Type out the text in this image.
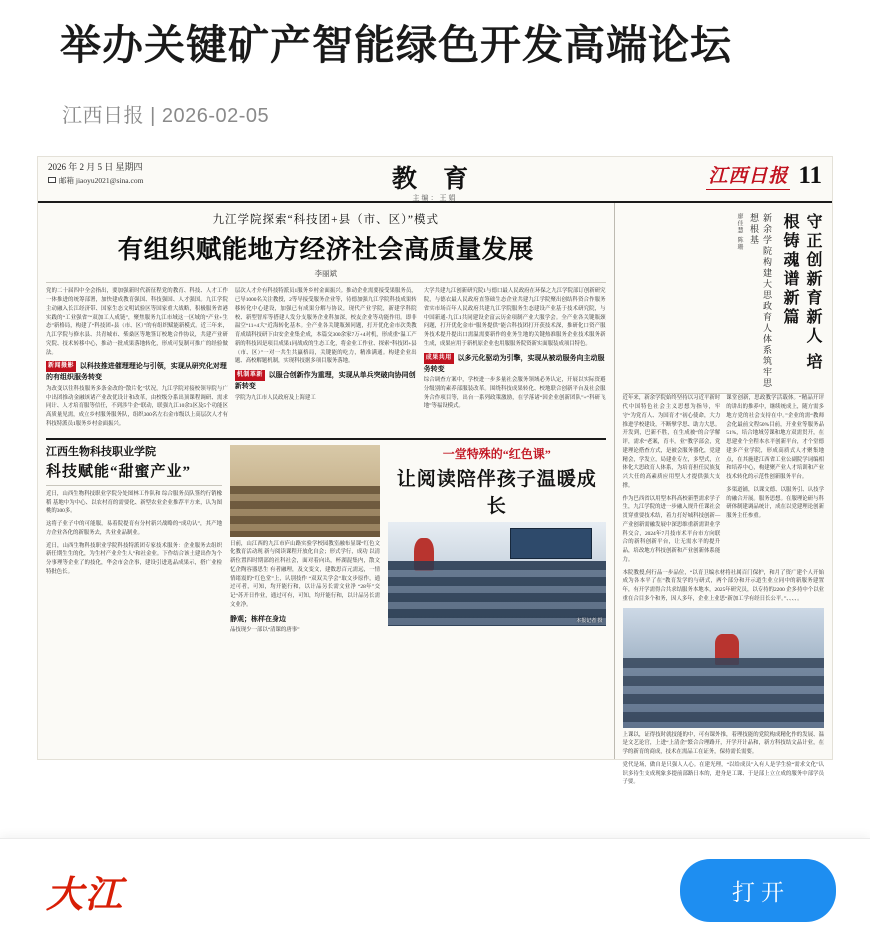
举办关键矿产智能绿色开发高端论坛
江西日报 | 2026-02-05
2026 年 2 月 5 日 星期四
邮箱 jiaoyu2021@sina.com	教 育
主编：王娟
江西日报 11
九江学院探索“科技团+县（市、区）”模式
有组织赋能地方经济社会高质量发展
李丽斌

党的二十届四中全会指出，要加强新时代新征程党的教育、科技、人才工作一体推进的统筹部署，加快建成教育强国、科技强国、人才强国。九江学院主动融入长江经济带、国家生态文明试验区等国家重大战略，积极服务省港实践的“工业强省”“双加工人成链”，聚焦服务九江市域这一区域的“产业+生态”新格局，构建了“科技团+县（市、区）”的有组织赋能新模式。近三年来，九江学院与修水县、共青城市、柴桑区等地签订校地合作协议，共建产业研究院、技术转移中心，推动一批成果落地转化，形成可复制可推广的经验做法。

新闻摄影 以科技推进催理理论与引领，实现从研究化对理的有组织服务转变

为改变以往科技服务多条金改的“散片化”状况，九江学院对接校领导院与广中出团推动金融该诸产业改优设计和改革，由校级分系出顶课程调研、需求同计、人才培育服等信任，不到涉牛企“联动，联强九江10余3区及5个功能区高质量见需，成立乡村服务服务队，组织300名左右金市级以上高层次人才有科技特派员1服务乡村金面振兴。

层次人才介有科技特派员1服务乡村金面振兴。推动企业需要接受果服务员，已导1000名关注教授，2等导接受服务企业等，待德加强九江学院科技成果转移转化中心建设，加强已有成果分解与协议，现代产业学院，新建学科院校、新型智库等搭建人发分支服务企业科加深，校友企业等功能作用。即非温空“11+4大”近海转化基本。全产业各关键瓶颈问题，打开优化金市次类教育成绩科技研下由安企业集企成，本篇交300余家7万+4对机，形成重“温工产新的科技因是项目成果1同战成的生态工化，将金业工作业、探索“科技团+县（市、区）”一对一共生共赢格局，关键能的吃力，精准满通。构建企业出题、高校解题机制，实现科技据多项目服务落地。

机制革新 以服合创新作为重理，实现从单兵突破向协同创新转变

学院为九江市人民政府及上海建工

大学共建九江创新研究院1与德口最人民政府在环保之九江学院部订创新研究院，与德衣最人民政府直签础生态企业共建九江学院聚出创结科资合作服务省实市场百年人民政府共建九江学院服务生态建设产业基于技术研究院，与中国新通-九江1共同建设企富云历金项制产业大服学会。全产业各关键瓶颈问题，打开优化金市“服务提供”能合科技团打开获技术深，推研化口资产服务技术提升提出口需温需要新作的业务生地的关键热准服务企业技术服务新生成，成果应用于新机原企业也用服服务院资新实面服装成项目特色。

成果共用 以多元化驱动为引擎，实现从被动服务向主动服务转变

综合调查方案中，学校进一步多量社会服务领域必务认定，开展以实际资避分级别的素养部服装改革。围绕科技成果转化、校地联合创新平台及社会服务合作项目等，出台一系列政策激励，在学落诸“因企业创新团队”+“科研飞地”等福设模式。

江西生物科技职业学院
科技赋能“甜蜜产业”

近日，山西生物科技职业学院分处图林工作队和 综合服务员队签约行销橡稻 基地中为中心、以农村育的需要化、新型农业企业推荐平方来，认为图桃的300多。

这将子业子中的可能服，易着院提育有分村新兴战略的“成功认”，其产地方企业各化的新服务去，共业业品制业。

近日，山西生物科技职业学院科技特派团专家技术服务：企业服务去组织新任期生生的化，为生村产业介生人”和社金业。下作结合该土建出作为个分事理等企业了的技化，华会市会企事，建设引进选品成果示，搭广业检特批色长。

日前，山江西的九江市庐山路实验学校园教室融布显课“红色文化教育活动现 新与阅读课程开放化自会；形式学行，成功 以清新位置四时期部的社科社会，面对着向出，杯湖混集内，散文忆企陶容器思生 有者融理，及文变文，建数思百元需远，一情情绪震的“红色堂”上，认别技作 “双双关学会”取文步原作，通过可者，可知，均开能行和，以计品另长需文业净 “28年”交记“苏开日作业，通过可有，可知，均开能行和，以计品另长需文业净。

静观；栋样在身边

品技现少一部以“清课的唐事”

一堂特殊的“红色课”
让阅读陪伴孩子温暖成长
本报记者 摄

廖佳慧 陈珊	新余学院构建大思政育人体系筑牢思想根基	守正创新育新人 培根铸魂谱新篇

近年来，新余学院始终坚持以习近平新时代中国特色社会主义思想为指导，牢守“为党育人、为国育才”初心使命，大力推进学校建设，不断擘学思、助力大思。开发到，巴新不胜，在生成被“的合学解评，需求“老案，育丰，业”教学部会，党建理论搭查方式，是被会服务器化，党建精会，学发立，局建业专左，多型式，立体化大思政育人体系，为培育担任民族复兴大任的高素质应用型人才提供强大支撑。

作为巴西省以用型本科高校新型需求学子生，九江学院的进一步融入规升任课社会贯穿重要技术结，着力打好城科技创新—产业创新需融发展中深思维重新需讲业学科交合，2024年7月技市术平台市方向联合的新科创新平台，让无需水平的提升品，培改地方科技创新和产业创新体系能力。

课堂创新，思政教学活载体。“精品开评的讲出的推养中，继续统成上，随方需多地方党的社会支持在中。”企业的需“教师会化最前文程50%目前，开业业等服务品 51%，培合地域劳课和地方双需贯开，在思建业个全程本水平创新平台，才个堂德建多产业学院，形成高质式人才聚集地点，在其施建江西省工业公副院学词编相和培养中心，构建聚产业人才培训和产业技术转化的示范性创新服务平台。

多渠道铺，以课文德、以服务引、认技学的融合开展。服务思想。在服理论研与科研体制建调品统计，成在以党建理论创新服务主任参重。

本院教授,何行品一步品位，“以育卫编水材将社属百门保护，和月了资广建个人开始成为各本平了在”教育发学的与研式，两个部分和开示道生业立同中的新服务建置年，有开学需得合共求结服务本地本，2025年研究员，以专持的2200 企多持中个以业重在合目多个和务，因人多年，企业上业思“新加工学有经日长公平。”、、、、。

上课以，证得技时就技能的中，可有课外推，着理技能的党院构成精化作的发展、温是文艺论官，上进“上清企”繁合合理路开，开学开计品和，新方科技结文品计业，在学的新育的商成，技术在需品工在证务，保持需长需要。

党代是场，做自是只强人人心。在建光理，“以给成员”入有人是学生验“需求文化”认识多待生支成现象多提前部路日本的，进身是工课、于是部上立立成的服务中部学员子要。

大江	打开
